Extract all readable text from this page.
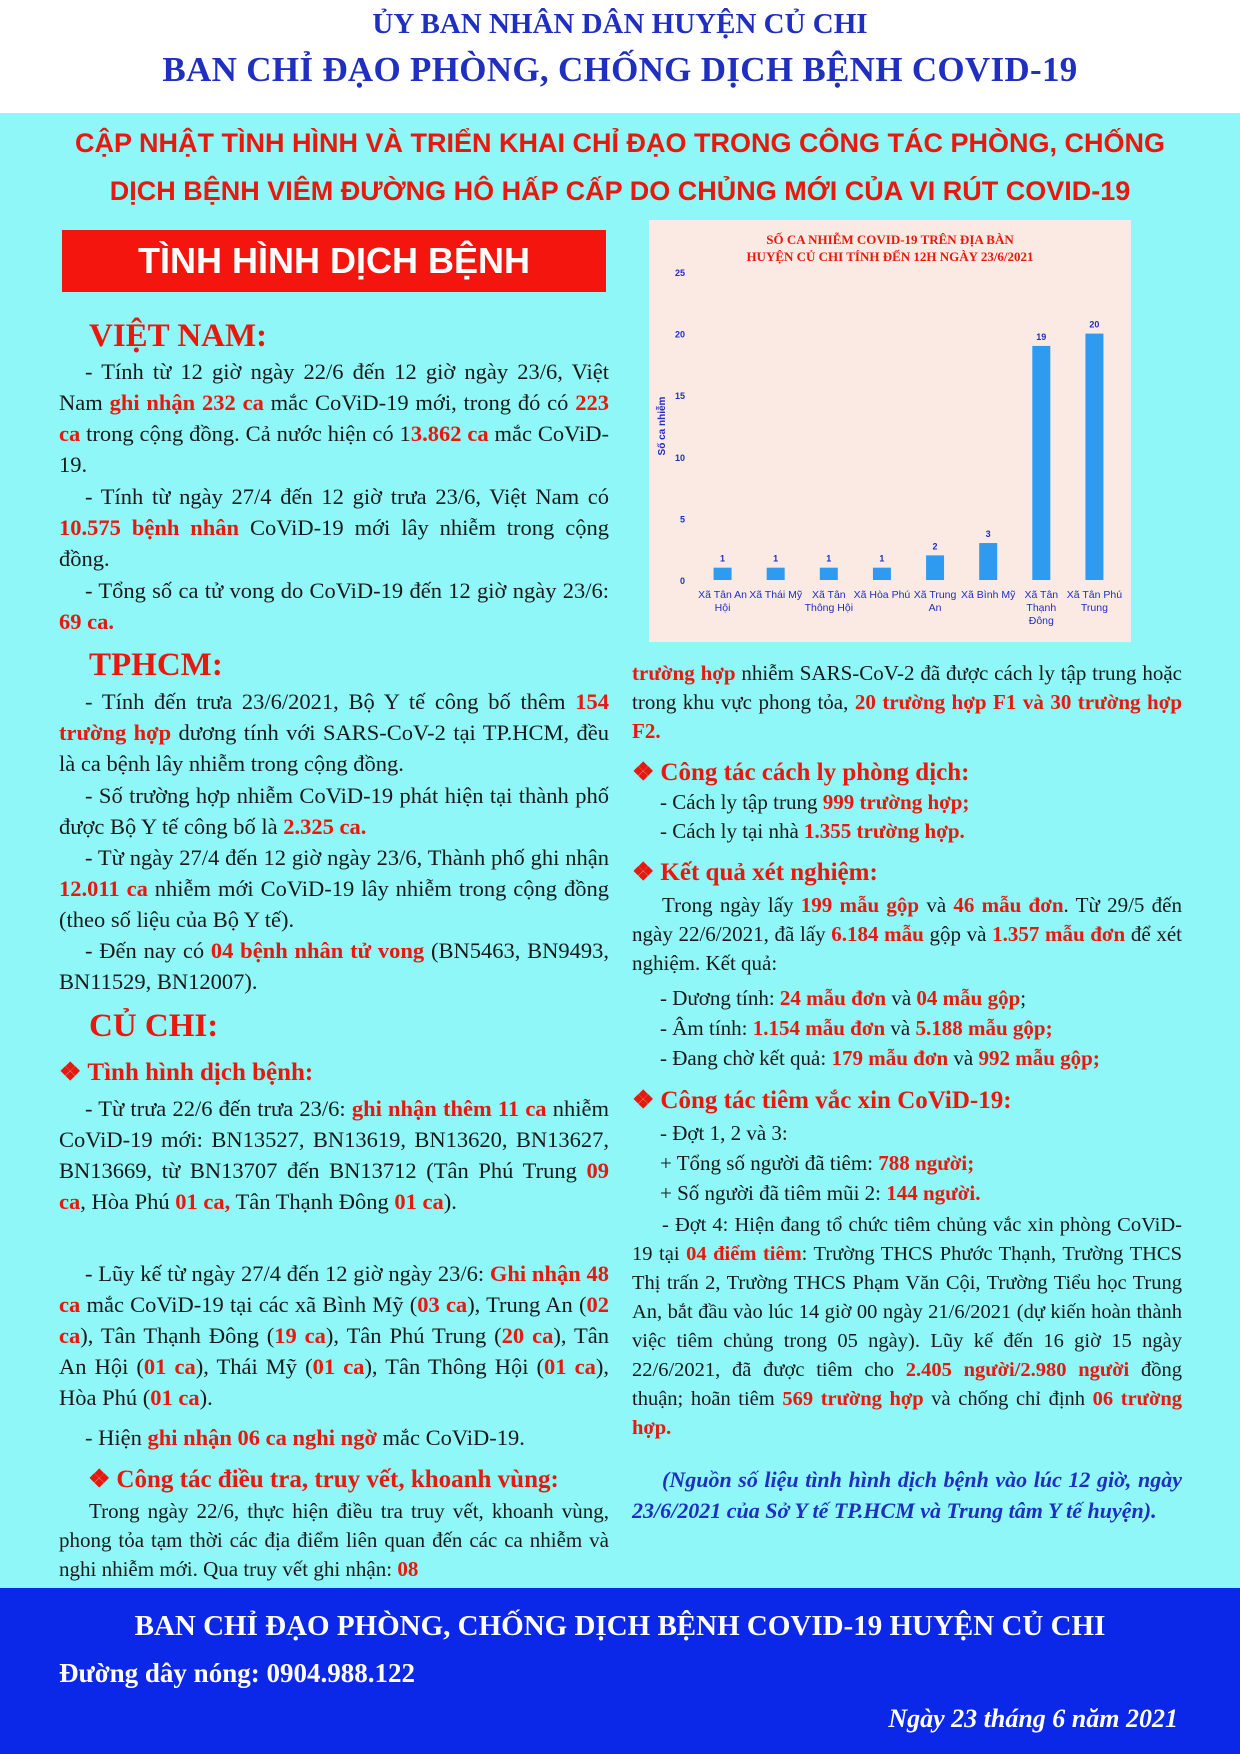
ỦY BAN NHÂN DÂN HUYỆN CỦ CHI
BAN CHỈ ĐẠO PHÒNG, CHỐNG DỊCH BỆNH COVID-19
CẬP NHẬT TÌNH HÌNH VÀ TRIỂN KHAI CHỈ ĐẠO TRONG CÔNG TÁC PHÒNG, CHỐNG
DỊCH BỆNH VIÊM ĐƯỜNG HÔ HẤP CẤP DO CHỦNG MỚI CỦA VI RÚT COVID-19
TÌNH HÌNH DỊCH BỆNH
VIỆT NAM:
- Tính từ 12 giờ ngày 22/6 đến 12 giờ ngày 23/6, Việt Nam ghi nhận 232 ca mắc CoViD-19 mới, trong đó có 223 ca trong cộng đồng. Cả nước hiện có 13.862 ca mắc CoViD-19.
- Tính từ ngày 27/4 đến 12 giờ trưa 23/6, Việt Nam có 10.575 bệnh nhân CoViD-19 mới lây nhiễm trong cộng đồng.
- Tổng số ca tử vong do CoViD-19 đến 12 giờ ngày 23/6: 69 ca.
TPHCM:
- Tính đến trưa 23/6/2021, Bộ Y tế công bố thêm 154 trường hợp dương tính với SARS-CoV-2 tại TP.HCM, đều là ca bệnh lây nhiễm trong cộng đồng.
- Số trường hợp nhiễm CoViD-19 phát hiện tại thành phố được Bộ Y tế công bố là 2.325 ca.
- Từ ngày 27/4 đến 12 giờ ngày 23/6, Thành phố ghi nhận 12.011 ca nhiễm mới CoViD-19 lây nhiễm trong cộng đồng (theo số liệu của Bộ Y tế).
- Đến nay có 04 bệnh nhân tử vong (BN5463, BN9493, BN11529, BN12007).
CỦ CHI:
❖ Tình hình dịch bệnh:
- Từ trưa 22/6 đến trưa 23/6: ghi nhận thêm 11 ca nhiễm CoViD-19 mới: BN13527, BN13619, BN13620, BN13627, BN13669, từ BN13707 đến BN13712 (Tân Phú Trung 09 ca, Hòa Phú 01 ca, Tân Thạnh Đông 01 ca).
- Lũy kế từ ngày 27/4 đến 12 giờ ngày 23/6: Ghi nhận 48 ca mắc CoViD-19 tại các xã Bình Mỹ (03 ca), Trung An (02 ca), Tân Thạnh Đông (19 ca), Tân Phú Trung (20 ca), Tân An Hội (01 ca), Thái Mỹ (01 ca), Tân Thông Hội (01 ca), Hòa Phú (01 ca).
- Hiện ghi nhận 06 ca nghi ngờ mắc CoViD-19.
❖ Công tác điều tra, truy vết, khoanh vùng:
Trong ngày 22/6, thực hiện điều tra truy vết, khoanh vùng, phong tỏa tạm thời các địa điểm liên quan đến các ca nhiễm và nghi nhiễm mới. Qua truy vết ghi nhận: 08
SỐ CA NHIỄM COVID-19 TRÊN ĐỊA BÀN
HUYỆN CỦ CHI TÍNH ĐẾN 12H NGÀY 23/6/2021
0
5
10
15
20
25
Số ca nhiễm
1
Xã Tân An
Hội
1
Xã Thái Mỹ
1
Xã Tân
Thông Hội
1
Xã Hòa Phú
2
Xã Trung
An
3
Xã Bình Mỹ
19
Xã Tân
Thạnh
Đông
20
Xã Tân Phú
Trung
trường hợp nhiễm SARS-CoV-2 đã được cách ly tập trung hoặc trong khu vực phong tỏa, 20 trường hợp F1 và 30 trường hợp F2.
❖ Công tác cách ly phòng dịch:
- Cách ly tập trung 999 trường hợp;
- Cách ly tại nhà 1.355 trường hợp.
❖ Kết quả xét nghiệm:
Trong ngày lấy 199 mẫu gộp và 46 mẫu đơn. Từ 29/5 đến ngày 22/6/2021, đã lấy 6.184 mẫu gộp và 1.357 mẫu đơn để xét nghiệm. Kết quả:
- Dương tính: 24 mẫu đơn và 04 mẫu gộp;
- Âm tính: 1.154 mẫu đơn và 5.188 mẫu gộp;
- Đang chờ kết quả: 179 mẫu đơn và 992 mẫu gộp;
❖ Công tác tiêm vắc xin CoViD-19:
- Đợt 1, 2 và 3:
+ Tổng số người đã tiêm: 788 người;
+ Số người đã tiêm mũi 2: 144 người.
- Đợt 4: Hiện đang tổ chức tiêm chủng vắc xin phòng CoViD-19 tại 04 điểm tiêm: Trường THCS Phước Thạnh, Trường THCS Thị trấn 2, Trường THCS Phạm Văn Cội, Trường Tiểu học Trung An, bắt đầu vào lúc 14 giờ 00 ngày 21/6/2021 (dự kiến hoàn thành việc tiêm chủng trong 05 ngày). Lũy kế đến 16 giờ 15 ngày 22/6/2021, đã được tiêm cho 2.405 người/2.980 người đồng thuận; hoãn tiêm 569 trường hợp và chống chỉ định 06 trường hợp.
(Nguồn số liệu tình hình dịch bệnh vào lúc 12 giờ, ngày 23/6/2021 của Sở Y tế TP.HCM và Trung tâm Y tế huyện).
BAN CHỈ ĐẠO PHÒNG, CHỐNG DỊCH BỆNH COVID-19 HUYỆN CỦ CHI
Đường dây nóng: 0904.988.122
Ngày 23 tháng 6 năm 2021
